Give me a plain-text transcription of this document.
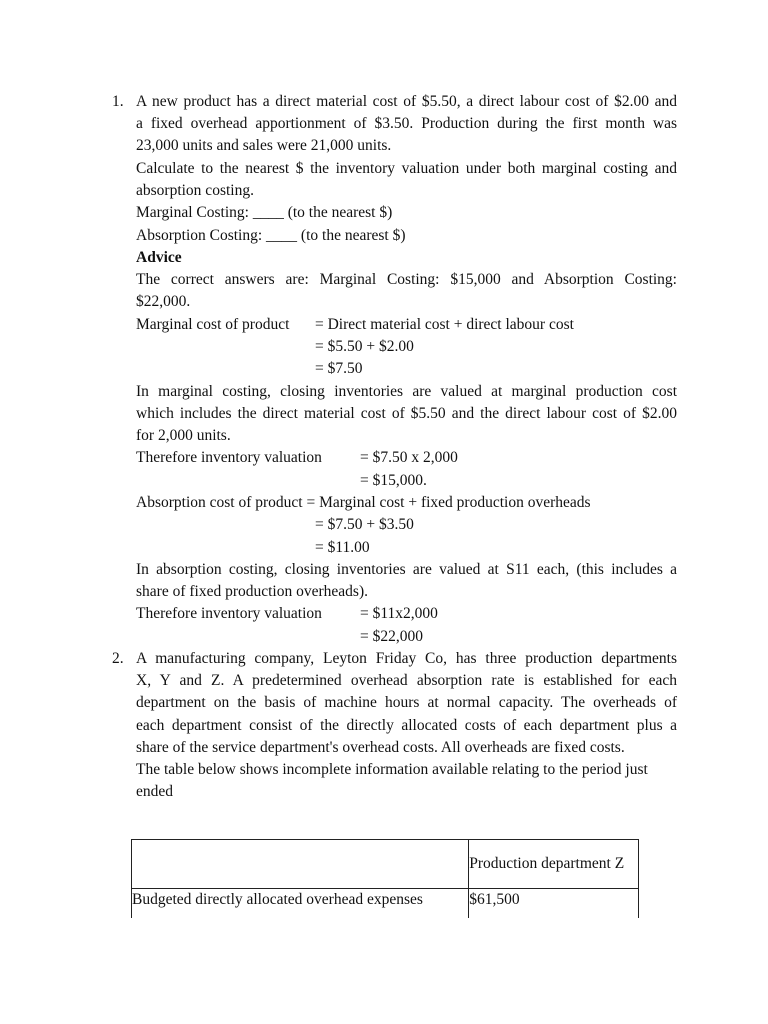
1. A new product has a direct material cost of $5.50, a direct labour cost of $2.00 and
a fixed overhead apportionment of $3.50. Production during the first month was
23,000 units and sales were 21,000 units.
Calculate to the nearest $ the inventory valuation under both marginal costing and
absorption costing.
Marginal Costing: ____ (to the nearest $)
Absorption Costing: ____ (to the nearest $)
Advice
The correct answers are: Marginal Costing: $15,000 and Absorption Costing:
$22,000.
Marginal cost of product = Direct material cost + direct labour cost
= $5.50 + $2.00
= $7.50
In marginal costing, closing inventories are valued at marginal production cost
which includes the direct material cost of $5.50 and the direct labour cost of $2.00
for 2,000 units.
Therefore inventory valuation = $7.50 x 2,000
= $15,000.
Absorption cost of product = Marginal cost + fixed production overheads
= $7.50 + $3.50
= $11.00
In absorption costing, closing inventories are valued at S11 each, (this includes a
share of fixed production overheads).
Therefore inventory valuation = $11x2,000
= $22,000
2. A manufacturing company, Leyton Friday Co, has three production departments
X, Y and Z. A predetermined overhead absorption rate is established for each
department on the basis of machine hours at normal capacity. The overheads of
each department consist of the directly allocated costs of each department plus a
share of the service department's overhead costs. All overheads are fixed costs.
The table below shows incomplete information available relating to the period just
ended
	Production department Z
Budgeted directly allocated overhead expenses	$61,500
